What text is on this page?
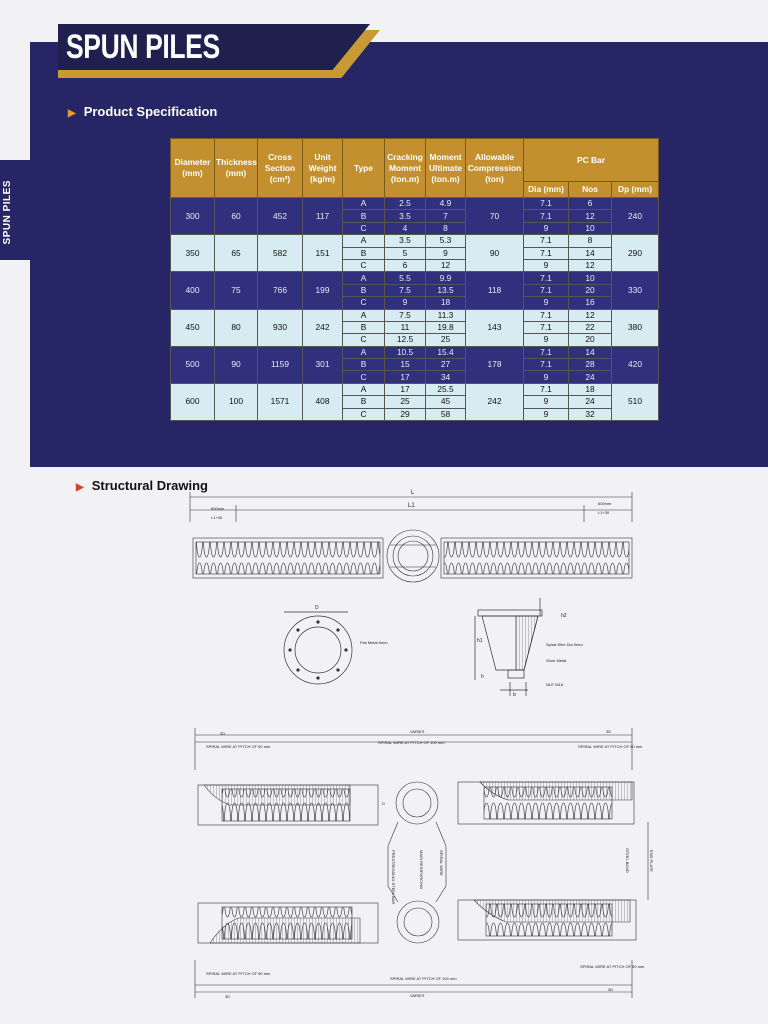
SPUN PILES
SPUN PILES
▶ Product Specification
Diameter (mm)	Thickness (mm)	Cross Section (cm²)	Unit Weight (kg/m)	Type	Cracking Moment (ton.m)	Moment Ultimate (ton.m)	Allowable Compression (ton)	PC Bar		
								Dia (mm)	Nos	Dp (mm)
300	60	452	117	A	2.5	4.9	70	7.1	6	240
				B	3.5	7		7.1	12	
				C	4	8		9	10	
350	65	582	151	A	3.5	5.3	90	7.1	8	290
				B	5	9		7.1	14	
				C	6	12		9	12	
400	75	766	199	A	5.5	9.9	118	7.1	10	330
				B	7.5	13.5		7.1	20	
				C	9	18		9	16	
450	80	930	242	A	7.5	11.3	143	7.1	12	380
				B	11	19.8		7.1	22	
				C	12.5	25		9	20	
500	90	1159	301	A	10.5	15.4	178	7.1	14	420
				B	15	27		7.1	28	
				C	17	34		9	24	
600	100	1571	408	A	17	25.5	242	7.1	18	510
				B	25	45		9	24	
				C	29	58		9	32	
▶ Structural Drawing	L
L1
600mm
L1+30
600mm
L1+30
Flat Metal 6mm
D
Spiral Wire Dia 5mm
Shoe Metal
NUT M16
b
h
h1
h2
VARIES
3D	3D
SPIRAL WIRE AT PITCH OF 50 mm
SPIRAL WIRE AT PITCH OF 100 mm
SPIRAL WIRE AT PITCH OF 50 mm
SPIRAL WIRE AT PITCH OF 50 mm
SPIRAL WIRE AT PITCH OF 100 mm
SPIRAL WIRE AT PITCH OF 50 mm
VARIES
3D
3D
D
END PLATE
STEEL BAND
PRESTRESSING STEEL BAR	MAIN REINFORCING	SPIRAL WIRE
